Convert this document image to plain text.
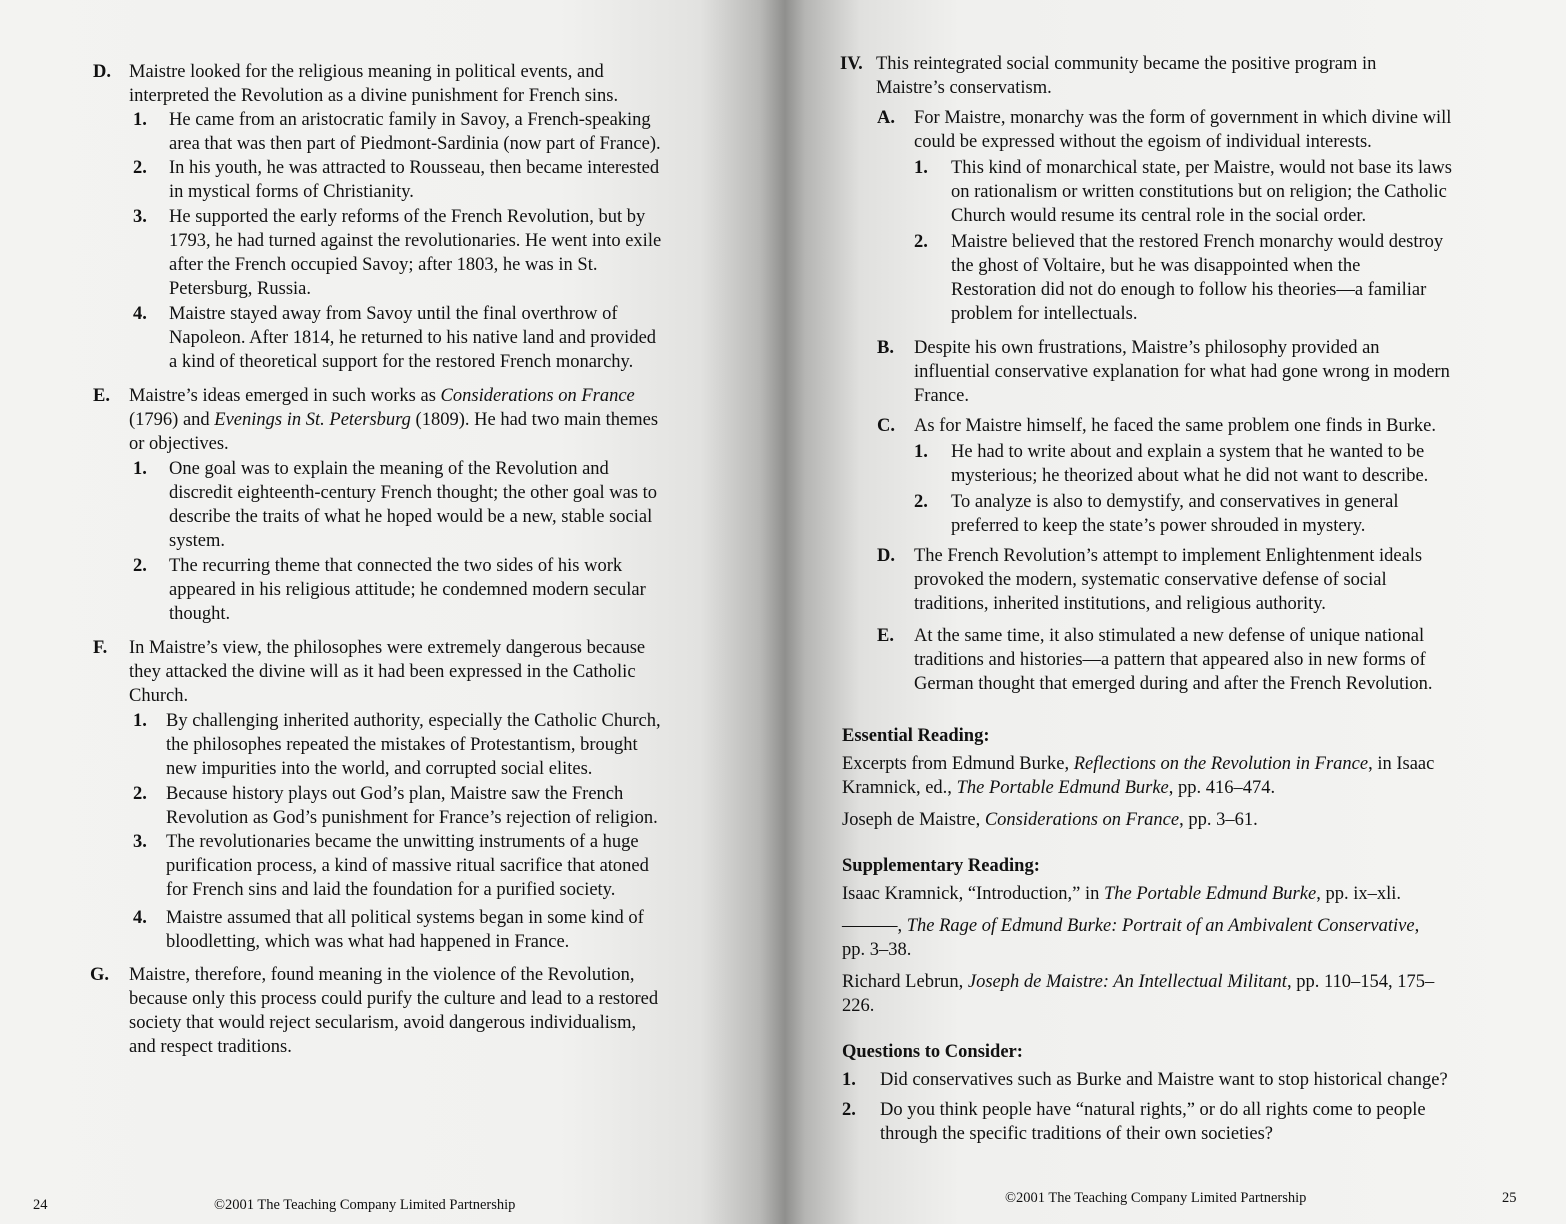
24	©2001 The Teaching Company Limited Partnership	©2001 The Teaching Company Limited Partnership	25
Questions to Consider:
D. Maistre looked for the religious meaning in political events, and
interpreted the Revolution as a divine punishment for French sins.
1. He came from an aristocratic family in Savoy, a French-speaking
area that was then part of Piedmont-Sardinia (now part of France).
2. In his youth, he was attracted to Rousseau, then became interested
in mystical forms of Christianity.
3. He supported the early reforms of the French Revolution, but by
1793, he had turned against the revolutionaries. He went into exile
after the French occupied Savoy; after 1803, he was in St.
Petersburg, Russia.
4. Maistre stayed away from Savoy until the final overthrow of
Napoleon. After 1814, he returned to his native land and provided
a kind of theoretical support for the restored French monarchy.
E. Maistre’s ideas emerged in such works as Considerations on France
(1796) and Evenings in St. Petersburg (1809). He had two main themes
or objectives.
1. One goal was to explain the meaning of the Revolution and
discredit eighteenth-century French thought; the other goal was to
describe the traits of what he hoped would be a new, stable social
system.
2. The recurring theme that connected the two sides of his work
appeared in his religious attitude; he condemned modern secular
thought.
F. In Maistre’s view, the philosophes were extremely dangerous because
they attacked the divine will as it had been expressed in the Catholic
Church.
1. By challenging inherited authority, especially the Catholic Church,
the philosophes repeated the mistakes of Protestantism, brought
new impurities into the world, and corrupted social elites.
2. Because history plays out God’s plan, Maistre saw the French
Revolution as God’s punishment for France’s rejection of religion.
3. The revolutionaries became the unwitting instruments of a huge
purification process, a kind of massive ritual sacrifice that atoned
for French sins and laid the foundation for a purified society.
4. Maistre assumed that all political systems began in some kind of
bloodletting, which was what had happened in France.
G. Maistre, therefore, found meaning in the violence of the Revolution,
because only this process could purify the culture and lead to a restored
society that would reject secularism, avoid dangerous individualism,
and respect traditions.
IV. This reintegrated social community became the positive program in
Maistre’s conservatism.
A. For Maistre, monarchy was the form of government in which divine will
could be expressed without the egoism of individual interests.
1. This kind of monarchical state, per Maistre, would not base its laws
on rationalism or written constitutions but on religion; the Catholic
Church would resume its central role in the social order.
2. Maistre believed that the restored French monarchy would destroy
the ghost of Voltaire, but he was disappointed when the
Restoration did not do enough to follow his theories—a familiar
problem for intellectuals.
B. Despite his own frustrations, Maistre’s philosophy provided an
influential conservative explanation for what had gone wrong in modern
France.
C. As for Maistre himself, he faced the same problem one finds in Burke.
1. He had to write about and explain a system that he wanted to be
mysterious; he theorized about what he did not want to describe.
2. To analyze is also to demystify, and conservatives in general
preferred to keep the state’s power shrouded in mystery.
D. The French Revolution’s attempt to implement Enlightenment ideals
provoked the modern, systematic conservative defense of social
traditions, inherited institutions, and religious authority.
E. At the same time, it also stimulated a new defense of unique national
traditions and histories—a pattern that appeared also in new forms of
German thought that emerged during and after the French Revolution.
Essential Reading:
Excerpts from Edmund Burke, Reflections on the Revolution in France, in Isaac
Kramnick, ed., The Portable Edmund Burke, pp. 416–474.
Joseph de Maistre, Considerations on France, pp. 3–61.
Supplementary Reading:
Isaac Kramnick, “Introduction,” in The Portable Edmund Burke, pp. ix–xli.
———, The Rage of Edmund Burke: Portrait of an Ambivalent Conservative,
pp. 3–38.
Richard Lebrun, Joseph de Maistre: An Intellectual Militant, pp. 110–154, 175–
226.
1. Did conservatives such as Burke and Maistre want to stop historical change?
2. Do you think people have “natural rights,” or do all rights come to people
through the specific traditions of their own societies?
